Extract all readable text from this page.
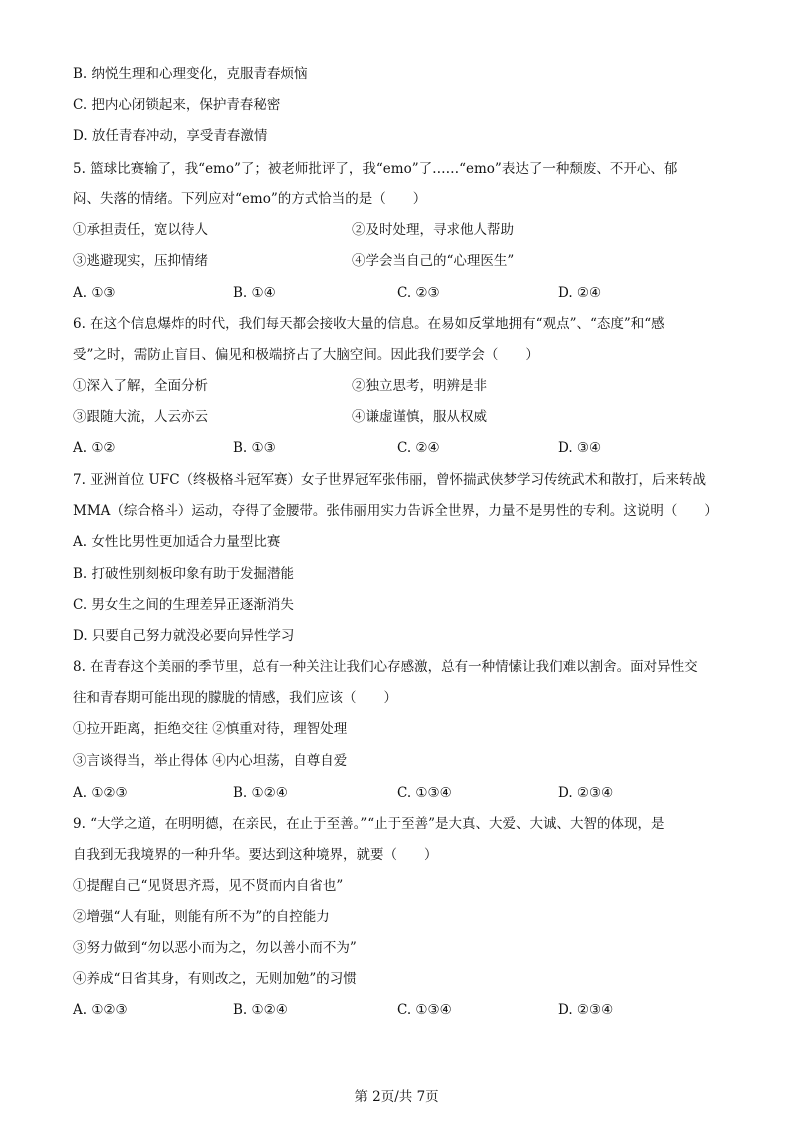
B. 纳悦生理和心理变化，克服青春烦恼
C. 把内心闭锁起来，保护青春秘密
D. 放任青春冲动，享受青春激情
5. 篮球比赛输了，我“emo”了；被老师批评了，我“emo”了……“emo”表达了一种颓废、不开心、郁
闷、失落的情绪。下列应对“emo”的方式恰当的是（　　）
①承担责任，宽以待人	②及时处理，寻求他人帮助
③逃避现实，压抑情绪	④学会当自己的“心理医生”
A. ①③	B. ①④	C. ②③	D. ②④
6. 在这个信息爆炸的时代，我们每天都会接收大量的信息。在易如反掌地拥有“观点”、“态度”和“感
受”之时，需防止盲目、偏见和极端挤占了大脑空间。因此我们要学会（　　）
①深入了解，全面分析	②独立思考，明辨是非
③跟随大流，人云亦云	④谦虚谨慎，服从权威
A. ①②	B. ①③	C. ②④	D. ③④
7. 亚洲首位 UFC（终极格斗冠军赛）女子世界冠军张伟丽，曾怀揣武侠梦学习传统武术和散打，后来转战
MMA（综合格斗）运动，夺得了金腰带。张伟丽用实力告诉全世界，力量不是男性的专利。这说明（　　）
A. 女性比男性更加适合力量型比赛
B. 打破性别刻板印象有助于发掘潜能
C. 男女生之间的生理差异正逐渐消失
D. 只要自己努力就没必要向异性学习
8. 在青春这个美丽的季节里，总有一种关注让我们心存感激，总有一种情愫让我们难以割舍。面对异性交
往和青春期可能出现的朦胧的情感，我们应该（　　）
①拉开距离，拒绝交往 ②慎重对待，理智处理
③言谈得当，举止得体 ④内心坦荡，自尊自爱
A. ①②③	B. ①②④	C. ①③④	D. ②③④
9. “大学之道，在明明德，在亲民，在止于至善。”“止于至善”是大真、大爱、大诚、大智的体现，是
自我到无我境界的一种升华。要达到这种境界，就要（　　）
①提醒自己“见贤思齐焉，见不贤而内自省也”
②增强“人有耻，则能有所不为”的自控能力
③努力做到“勿以恶小而为之，勿以善小而不为”
④养成“日省其身，有则改之，无则加勉”的习惯
A. ①②③	B. ①②④	C. ①③④	D. ②③④
第 2页/共 7页
